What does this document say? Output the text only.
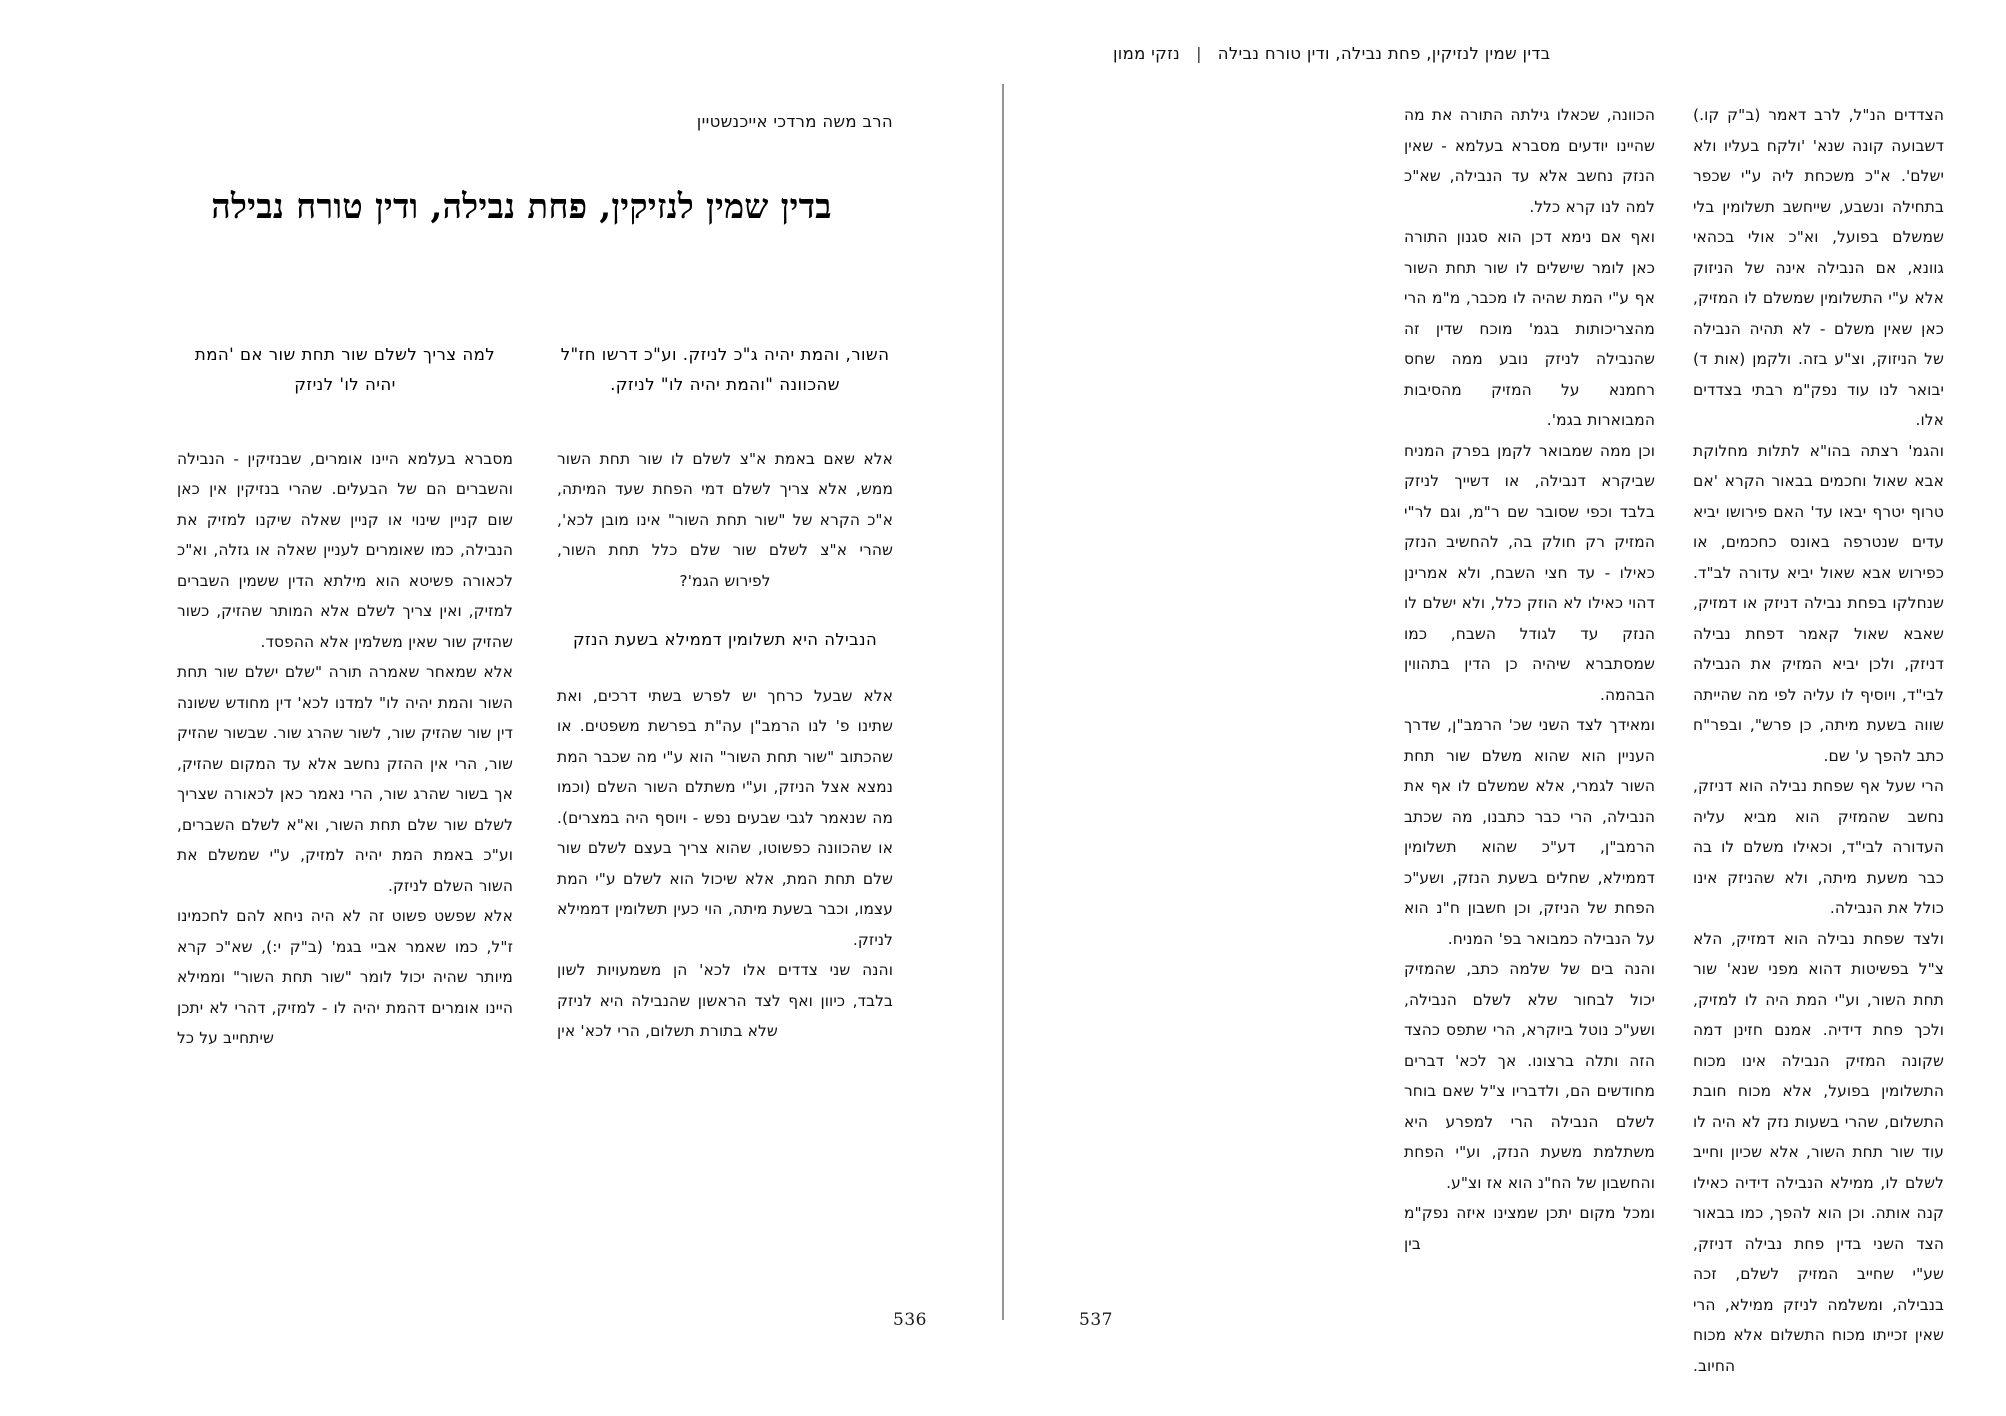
בדין שמין לנזיקין, פחת נבילה, ודין טורח נבילה
|
נזקי ממון

הצדדים הנ"ל, לרב דאמר (ב"ק קו.) דשבועה קונה שנא' 'ולקח בעליו ולא ישלם'. א"כ משכחת ליה ע"י שכפר בתחילה ונשבע, שייחשב תשלומין בלי שמשלם בפועל, וא"כ אולי בכהאי גוונא, אם הנבילה אינה של הניזוק אלא ע"י התשלומין שמשלם לו המזיק, כאן שאין משלם - לא תהיה הנבילה של הניזוק, וצ"ע בזה. ולקמן (אות ד) יבואר לנו עוד נפק"מ רבתי בצדדים אלו.

והגמ' רצתה בהו"א לתלות מחלוקת אבא שאול וחכמים בבאור הקרא 'אם טרוף יטרף יבאו עד' האם פירושו יביא עדים שנטרפה באונס כחכמים, או כפירוש אבא שאול יביא עדורה לב"ד. שנחלקו בפחת נבילה דניזק או דמזיק, שאבא שאול קאמר דפחת נבילה דניזק, ולכן יביא המזיק את הנבילה לבי"ד, ויוסיף לו עליה לפי מה שהייתה שווה בשעת מיתה, כן פרש", ובפר"ח כתב להפך ע' שם.

הרי שעל אף שפחת נבילה הוא דניזק, נחשב שהמזיק הוא מביא עליה העדורה לבי"ד, וכאילו משלם לו בה כבר משעת מיתה, ולא שהניזק אינו כולל את הנבילה.

ולצד שפחת נבילה הוא דמזיק, הלא צ"ל בפשיטות דהוא מפני שנא' שור תחת השור, וע"י המת היה לו למזיק, ולכך פחת דידיה. אמנם חזינן דמה שקונה המזיק הנבילה אינו מכוח התשלומין בפועל, אלא מכוח חובת התשלום, שהרי בשעות נזק לא היה לו עוד שור תחת השור, אלא שכיון וחייב לשלם לו, ממילא הנבילה דידיה כאילו קנה אותה. וכן הוא להפך, כמו בבאור הצד השני בדין פחת נבילה דניזק, שע"י שחייב המזיק לשלם, זכה בנבילה, ומשלמה לניזק ממילא, הרי שאין זכייתו מכוח התשלום אלא מכוח החיוב.

הכוונה, שכאלו גילתה התורה את מה שהיינו יודעים מסברא בעלמא - שאין הנזק נחשב אלא עד הנבילה, שא"כ למה לנו קרא כלל.

ואף אם נימא דכן הוא סגנון התורה כאן לומר שישלים לו שור תחת השור אף ע"י המת שהיה לו מכבר, מ"מ הרי מהצריכותות בגמ' מוכח שדין זה שהנבילה לניזק נובע ממה שחס רחמנא על המזיק מהסיבות המבוארות בגמ'.

וכן ממה שמבואר לקמן בפרק המניח שביקרא דנבילה, או דשייך לניזק בלבד וכפי שסובר שם ר"מ, וגם לר"י המזיק רק חולק בה, להחשיב הנזק כאילו - עד חצי השבח, ולא אמרינן דהוי כאילו לא הוזק כלל, ולא ישלם לו הנזק עד לגודל השבח, כמו שמסתברא שיהיה כן הדין בתהווין הבהמה.

ומאידך לצד השני שכ' הרמב"ן, שדרך העניין הוא שהוא משלם שור תחת השור לגמרי, אלא שמשלם לו אף את הנבילה, הרי כבר כתבנו, מה שכתב הרמב"ן, דע"כ שהוא תשלומין דממילא, שחלים בשעת הנזק, ושע"כ הפחת של הניזק, וכן חשבון ח"נ הוא על הנבילה כמבואר בפ' המניח.

והנה בים של שלמה כתב, שהמזיק יכול לבחור שלא לשלם הנבילה, ושע"כ נוטל ביוקרא, הרי שתפס כהצד הזה ותלה ברצונו. אך לכא' דברים מחודשים הם, ולדבריו צ"ל שאם בוחר לשלם הנבילה הרי למפרע היא משתלמת משעת הנזק, וע"י הפחת והחשבון של הח"נ הוא אז וצ"ע.

ומכל מקום יתכן שמצינו איזה נפק"מ בין

537
הרב משה מרדכי אייכנשטיין
בדין שמין לנזיקין, פחת נבילה, ודין טורח נבילה
השור, והמת יהיה ג"כ לניזק. וע"כ דרשו חז"ל שהכוונה "והמת יהיה לו" לניזק.

אלא שאם באמת א"צ לשלם לו שור תחת השור ממש, אלא צריך לשלם דמי הפחת שעד המיתה, א"כ הקרא של "שור תחת השור" אינו מובן לכא', שהרי א"צ לשלם שור שלם כלל תחת השור, לפירוש הגמ'?

הנבילה היא תשלומין דממילא בשעת הנזק

אלא שבעל כרחך יש לפרש בשתי דרכים, ואת שתינו פ' לנו הרמב"ן עה"ת בפרשת משפטים. או שהכתוב "שור תחת השור" הוא ע"י מה שכבר המת נמצא אצל הניזק, וע"י משתלם השור השלם (וכמו מה שנאמר לגבי שבעים נפש - ויוסף היה במצרים). או שהכוונה כפשוטו, שהוא צריך בעצם לשלם שור שלם תחת המת, אלא שיכול הוא לשלם ע"י המת עצמו, וכבר בשעת מיתה, הוי כעין תשלומין דממילא לניזק.

והנה שני צדדים אלו לכא' הן משמעויות לשון בלבד, כיוון ואף לצד הראשון שהנבילה היא לניזק שלא בתורת תשלום, הרי לכא' אין

למה צריך לשלם שור תחת שור אם 'המת יהיה לו' לניזק

מסברא בעלמא היינו אומרים, שבנזיקין - הנבילה והשברים הם של הבעלים. שהרי בנזיקין אין כאן שום קניין שינוי או קניין שאלה שיקנו למזיק את הנבילה, כמו שאומרים לעניין שאלה או גזלה, וא"כ לכאורה פשיטא הוא מילתא הדין ששמין השברים למזיק, ואין צריך לשלם אלא המותר שהזיק, כשור שהזיק שור שאין משלמין אלא ההפסד.

אלא שמאחר שאמרה תורה "שלם ישלם שור תחת השור והמת יהיה לו" למדנו לכא' דין מחודש ששונה דין שור שהזיק שור, לשור שהרג שור. שבשור שהזיק שור, הרי אין ההזק נחשב אלא עד המקום שהזיק, אך בשור שהרג שור, הרי נאמר כאן לכאורה שצריך לשלם שור שלם תחת השור, וא"א לשלם השברים, וע"כ באמת המת יהיה למזיק, ע"י שמשלם את השור השלם לניזק.

אלא שפשט פשוט זה לא היה ניחא להם לחכמינו ז"ל, כמו שאמר אביי בגמ' (ב"ק י:), שא"כ קרא מיותר שהיה יכול לומר "שור תחת השור" וממילא היינו אומרים דהמת יהיה לו - למזיק, דהרי לא יתכן שיתחייב על כל

536
